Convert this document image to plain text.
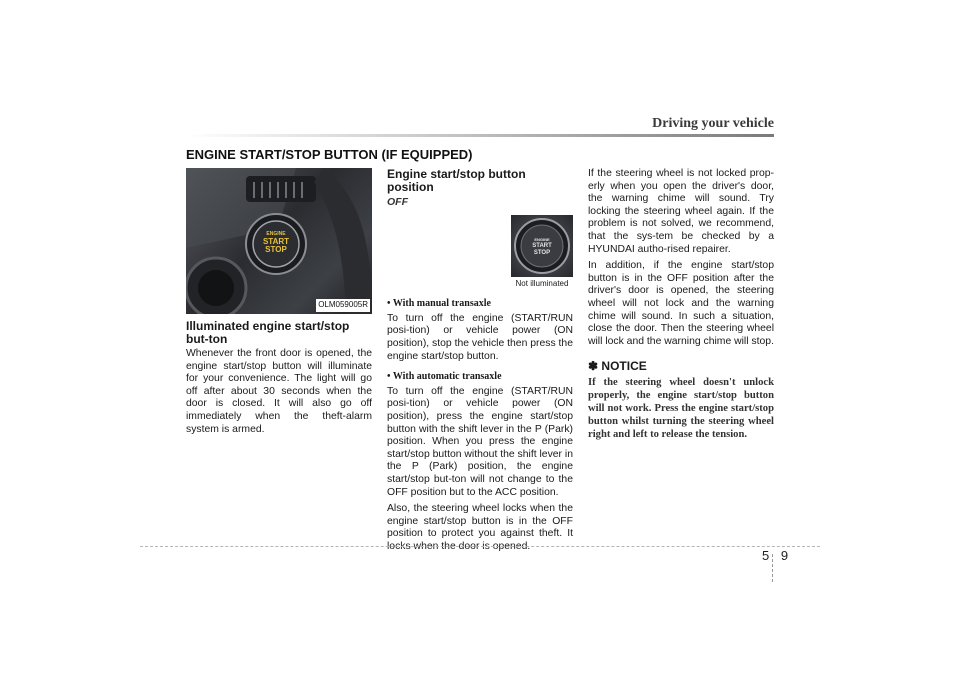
Driving your vehicle
ENGINE START/STOP BUTTON (IF EQUIPPED)
ENGINE
START
STOP
OLM059005R
Illuminated engine start/stop but-ton

Whenever the front door is opened, the engine start/stop button will illuminate for your convenience. The light will go off after about 30 seconds when the door is closed. It will also go off immediately when the theft-alarm system is armed.

Engine start/stop button position
OFF
ENGINE
START
STOP
Not illuminated
• With manual transaxle

To turn off the engine (START/RUN posi-tion) or vehicle power (ON position), stop the vehicle then press the engine start/stop button.

• With automatic transaxle

To turn off the engine (START/RUN posi-tion) or vehicle power (ON position), press the engine start/stop button with the shift lever in the P (Park) position. When you press the engine start/stop button without the shift lever in the P (Park) position, the engine start/stop but-ton will not change to the OFF position but to the ACC position.

Also, the steering wheel locks when the engine start/stop button is in the OFF position to protect you against theft. It locks when the door is opened.

If the steering wheel is not locked prop-erly when you open the driver's door, the warning chime will sound. Try locking the steering wheel again. If the problem is not solved, we recommend, that the sys-tem be checked by a HYUNDAI autho-rised repairer.

In addition, if the engine start/stop button is in the OFF position after the driver's door is opened, the steering wheel will not lock and the warning chime will sound. In such a situation, close the door. Then the steering wheel will lock and the warning chime will stop.

✽ NOTICE
If the steering wheel doesn't unlock properly, the engine start/stop button will not work. Press the engine start/stop button whilst turning the steering wheel right and left to release the tension.
5 9
